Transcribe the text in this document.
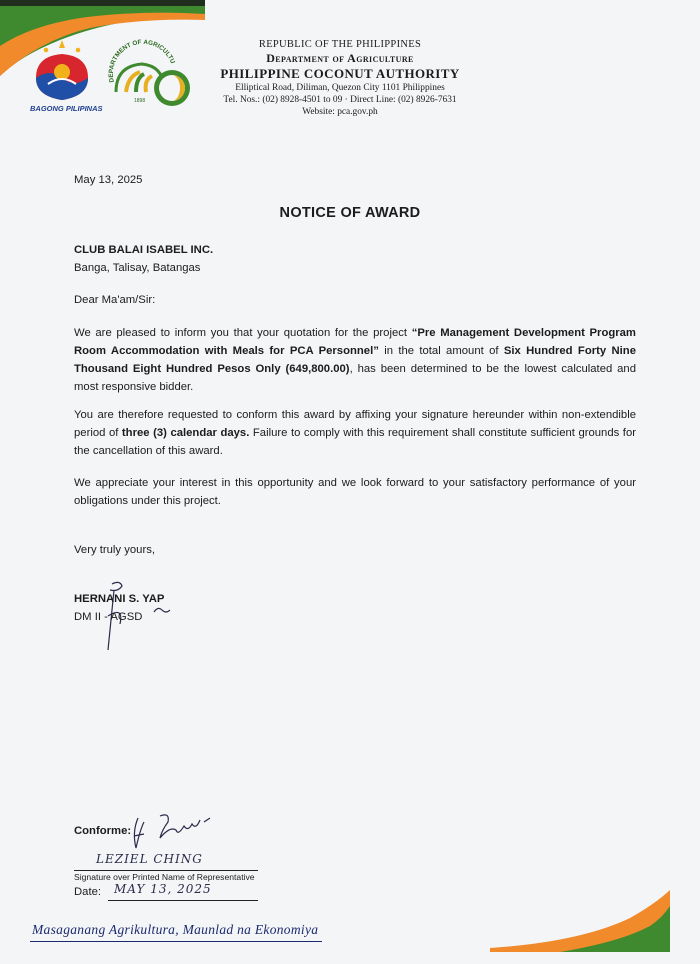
BAGONG PILIPINAS
DEPARTMENT OF AGRICULTU
1898
REPUBLIC OF THE PHILIPPINES
Department of Agriculture
PHILIPPINE COCONUT AUTHORITY
Elliptical Road, Diliman, Quezon City 1101 Philippines
Tel. Nos.: (02) 8928-4501 to 09 · Direct Line: (02) 8926-7631
Website: pca.gov.ph
May 13, 2025
NOTICE OF AWARD
CLUB BALAI ISABEL INC.
Banga, Talisay, Batangas
Dear Ma'am/Sir:
We are pleased to inform you that your quotation for the project “Pre Management Development Program Room Accommodation with Meals for PCA Personnel” in the total amount of Six Hundred Forty Nine Thousand Eight Hundred Pesos Only (649,800.00), has been determined to be the lowest calculated and most responsive bidder.
You are therefore requested to conform this award by affixing your signature hereunder within non-extendible period of three (3) calendar days. Failure to comply with this requirement shall constitute sufficient grounds for the cancellation of this award.
We appreciate your interest in this opportunity and we look forward to your satisfactory performance of your obligations under this project.
Very truly yours,
HERNANI S. YAP
DM II - AGSD
Conforme:
LEZIEL CHING
Signature over Printed Name of Representative
Date: MAY 13, 2025
Masaganang Agrikultura, Maunlad na Ekonomiya
